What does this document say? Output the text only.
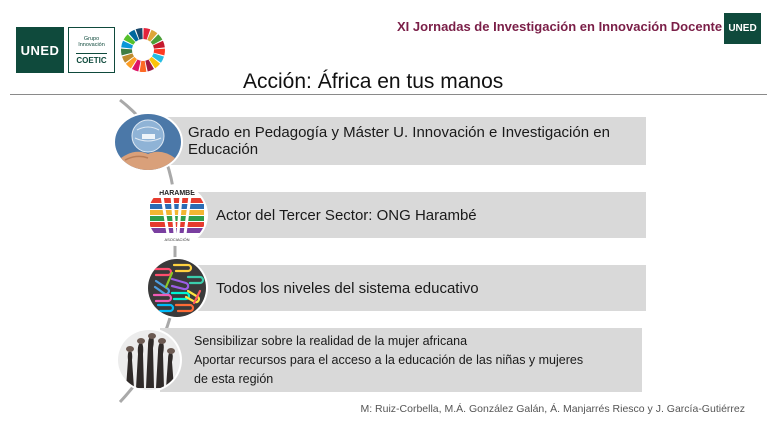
UNED
Grupo
Innovación
COETIC
XI Jornadas de Investigación en Innovación Docente UNED
Acción: África en tus manos
Grado en Pedagogía y Máster U. Innovación e Investigación en Educación
Actor del Tercer Sector: ONG Harambé
HARAMBE
ASOCIACIÓN
Todos los niveles del sistema educativo
Sensibilizar sobre la realidad de la mujer africana
Aportar recursos para el acceso a la educación de las niñas y mujeres
de esta región
M: Ruiz-Corbella, M.Á. González Galán, Á. Manjarrés Riesco y J. García-Gutiérrez
